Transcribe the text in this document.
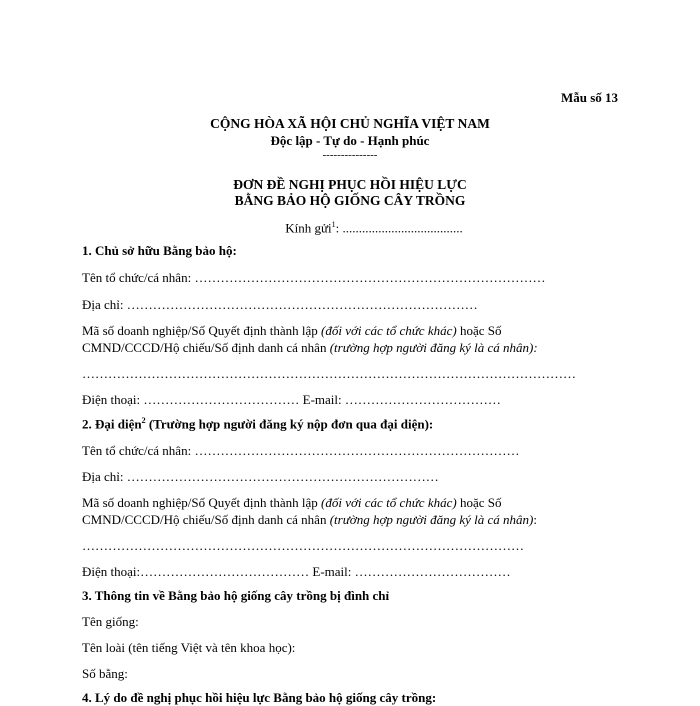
Mẫu số 13
CỘNG HÒA XÃ HỘI CHỦ NGHĨA VIỆT NAM
Độc lập - Tự do - Hạnh phúc
---------------
ĐƠN ĐỀ NGHỊ PHỤC HỒI HIỆU LỰC
BẰNG BẢO HỘ GIỐNG CÂY TRỒNG
Kính gửi$^1$: .....................................
1. Chủ sở hữu Bằng bảo hộ:
Tên tổ chức/cá nhân: ………………………………………………………………………
Địa chỉ: ………………………………………………………………………
Mã số doanh nghiệp/Số Quyết định thành lập (đối với các tổ chức khác) hoặc Số
CMND/CCCD/Hộ chiếu/Số định danh cá nhân (trường hợp người đăng ký là cá nhân):
……………………………………………………………………………………………………
Điện thoại: ……………………………… E-mail: ………………………………
2. Đại diện$^2$ (Trường hợp người đăng ký nộp đơn qua đại diện):
Tên tổ chức/cá nhân: …………………………………………………………………
Địa chỉ: ………………………………………………………………
Mã số doanh nghiệp/Số Quyết định thành lập (đối với các tổ chức khác) hoặc Số
CMND/CCCD/Hộ chiếu/Số định danh cá nhân (trường hợp người đăng ký là cá nhân):
…………………………………………………………………………………………
Điện thoại:………………………………… E-mail: ………………………………
3. Thông tin về Bằng bảo hộ giống cây trồng bị đình chỉ
Tên giống:
Tên loài (tên tiếng Việt và tên khoa học):
Số bằng:
4. Lý do đề nghị phục hồi hiệu lực Bằng bảo hộ giống cây trồng:
